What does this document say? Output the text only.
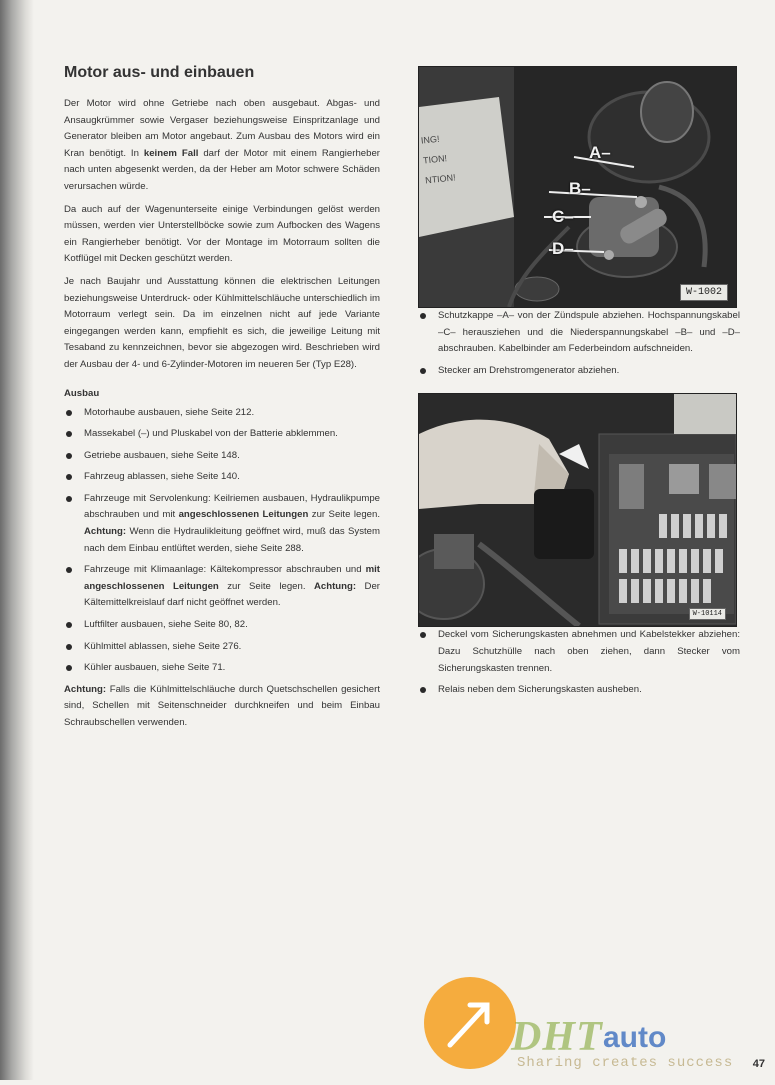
Motor aus- und einbauen

Der Motor wird ohne Getriebe nach oben ausgebaut. Abgas- und Ansaugkrümmer sowie Vergaser beziehungsweise Einspritzanlage und Generator bleiben am Motor angebaut. Zum Ausbau des Motors wird ein Kran benötigt. In keinem Fall darf der Motor mit einem Rangierheber nach unten abgesenkt werden, da der Heber am Motor schwere Schäden verursachen würde.

Da auch auf der Wagenunterseite einige Verbindungen gelöst werden müssen, werden vier Unterstellböcke sowie zum Aufbocken des Wagens ein Rangierheber benötigt. Vor der Montage im Motorraum sollten die Kotflügel mit Decken geschützt werden.

Je nach Baujahr und Ausstattung können die elektrischen Leitungen beziehungsweise Unterdruck- oder Kühlmittelschläuche unterschiedlich im Motorraum verlegt sein. Da im einzelnen nicht auf jede Variante eingegangen werden kann, empfiehlt es sich, die jeweilige Leitung mit Tesaband zu kennzeichnen, bevor sie abgezogen wird. Beschrieben wird der Ausbau der 4- und 6-Zylinder-Motoren im neueren 5er (Typ E28).

Ausbau
Motorhaube ausbauen, siehe Seite 212.
Massekabel (–) und Pluskabel von der Batterie abklemmen.
Getriebe ausbauen, siehe Seite 148.
Fahrzeug ablassen, siehe Seite 140.
Fahrzeuge mit Servolenkung: Keilriemen ausbauen, Hydraulikpumpe abschrauben und mit angeschlossenen Leitungen zur Seite legen. Achtung: Wenn die Hydraulikleitung geöffnet wird, muß das System nach dem Einbau entlüftet werden, siehe Seite 288.
Fahrzeuge mit Klimaanlage: Kältekompressor abschrauben und mit angeschlossenen Leitungen zur Seite legen. Achtung: Der Kältemittelkreislauf darf nicht geöffnet werden.
Luftfilter ausbauen, siehe Seite 80, 82.
Kühlmittel ablassen, siehe Seite 276.
Kühler ausbauen, siehe Seite 71.

Achtung: Falls die Kühlmittelschläuche durch Quetschschellen gesichert sind, Schellen mit Seitenschneider durchkneifen und beim Einbau Schraubschellen verwenden.

ING!
TION!
NTION!
A–
B–
C–
D–
W-1002
Schutzkappe –A– von der Zündspule abziehen. Hochspannungskabel –C– herausziehen und die Niederspannungskabel –B– und –D– abschrauben. Kabelbinder am Federbeindom aufschneiden.
Stecker am Drehstromgenerator abziehen.
W-10114
Deckel vom Sicherungskasten abnehmen und Kabelstekker abziehen: Dazu Schutzhülle nach oben ziehen, dann Stecker vom Sicherungskasten trennen.
Relais neben dem Sicherungskasten ausheben.
DHT auto
Sharing creates success 47
